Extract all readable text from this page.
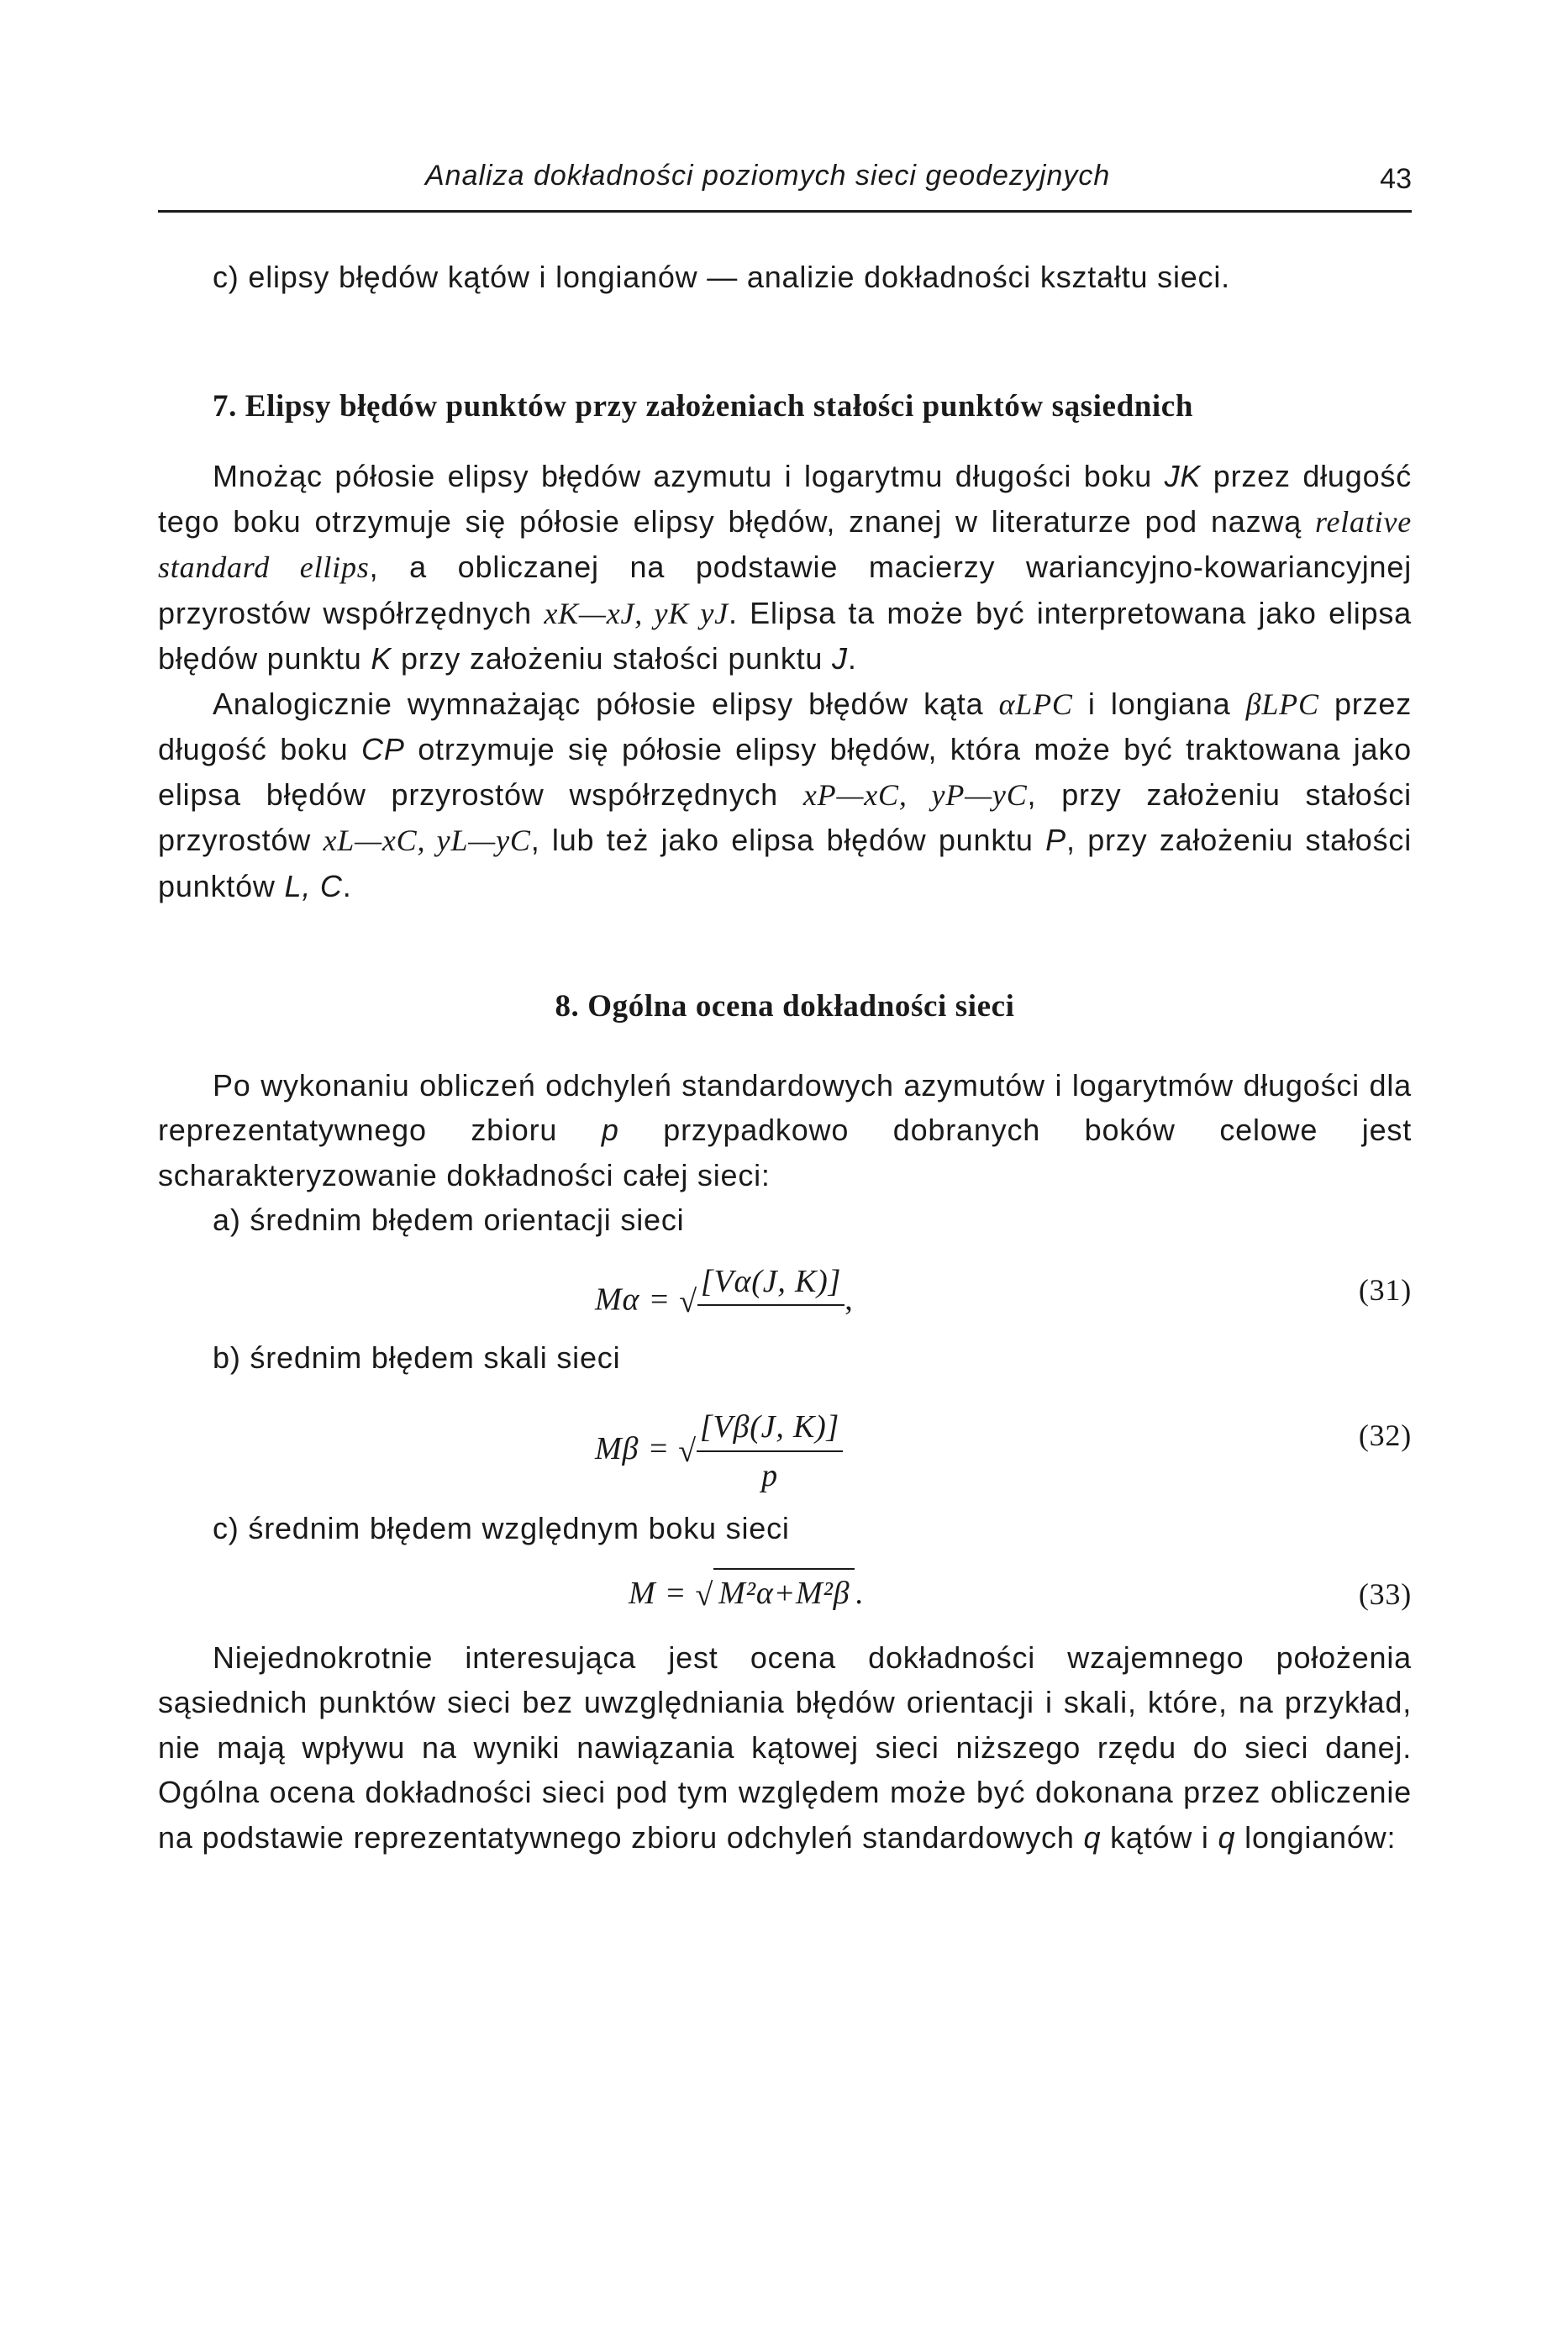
Analiza dokładności poziomych sieci geodezyjnych	43

c) elipsy błędów kątów i longianów — analizie dokładności kształtu sieci.

7. Elipsy błędów punktów przy założeniach stałości punktów sąsiednich

Mnożąc półosie elipsy błędów azymutu i logarytmu długości boku JK przez długość tego boku otrzymuje się półosie elipsy błędów, znanej w literaturze pod nazwą relative standard ellips, a obliczanej na podstawie macierzy wariancyjno-kowariancyjnej przyrostów współrzędnych xK—xJ, yK yJ. Elipsa ta może być interpretowana jako elipsa błędów punktu K przy założeniu stałości punktu J.

Analogicznie wymnażając półosie elipsy błędów kąta αLPC i longiana βLPC przez długość boku CP otrzymuje się półosie elipsy błędów, która może być traktowana jako elipsa błędów przyrostów współrzędnych xP—xC, yP—yC, przy założeniu stałości przyrostów xL—xC, yL—yC, lub też jako elipsa błędów punktu P, przy założeniu stałości punktów L, C.

8. Ogólna ocena dokładności sieci

Po wykonaniu obliczeń odchyleń standardowych azymutów i logarytmów długości dla reprezentatywnego zbioru p przypadkowo dobranych boków celowe jest scharakteryzowanie dokładności całej sieci:

a) średnim błędem orientacji sieci

Mα = √
[Vα(J, K)]
,	(31)

b) średnim błędem skali sieci

Mβ = √ $\frac{[V\beta(J, K)]}{p}$	(32)

c) średnim błędem względnym boku sieci

M = √ M²α+M²β .	(33)

Niejednokrotnie interesująca jest ocena dokładności wzajemnego położenia sąsiednich punktów sieci bez uwzględniania błędów orientacji i skali, które, na przykład, nie mają wpływu na wyniki nawiązania kątowej sieci niższego rzędu do sieci danej. Ogólna ocena dokładności sieci pod tym względem może być dokonana przez obliczenie na podstawie reprezentatywnego zbioru odchyleń standardowych q kątów i q longianów:
